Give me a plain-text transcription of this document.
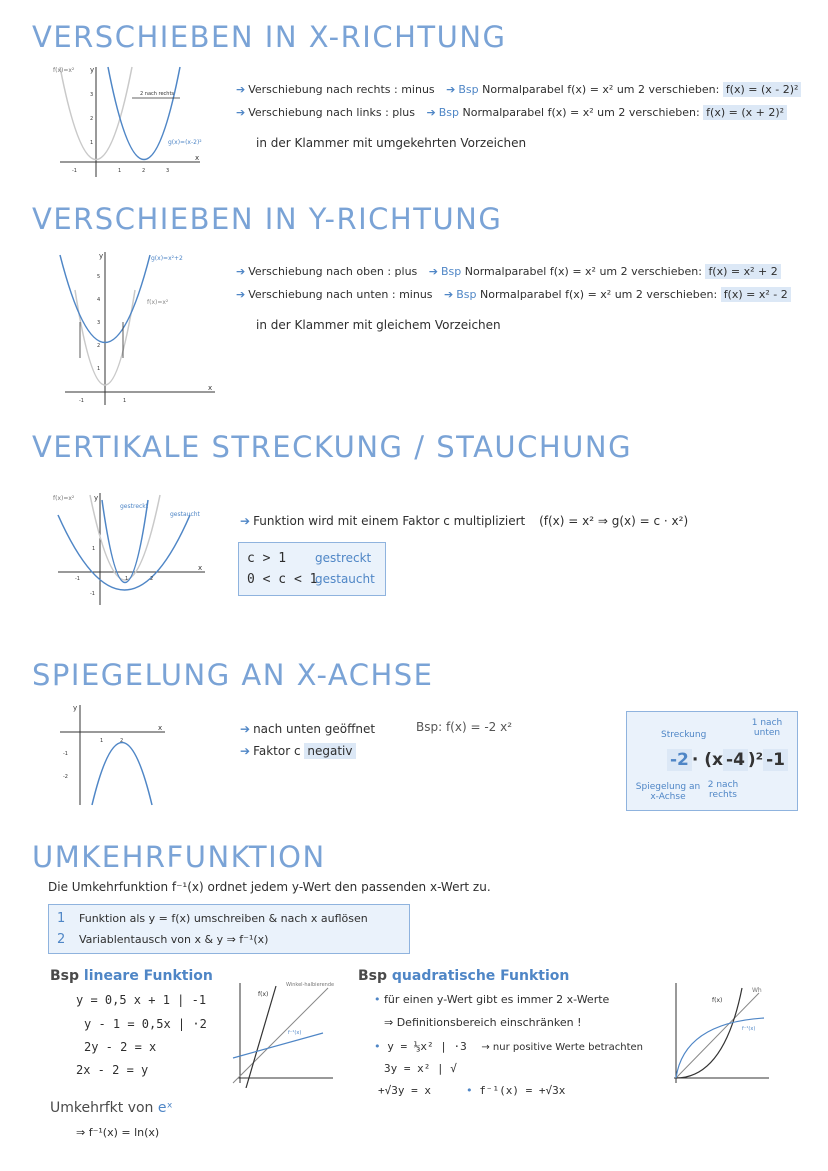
VERSCHIEBEN IN X-RICHTUNG
2 nach rechts
f(x)=x²
g(x)=(x-2)²
y
x
-1	1	2	3
1
2
3	➔ Verschiebung nach rechts : minus ➔ Bsp Normalparabel f(x) = x² um 2 verschieben: f(x) = (x - 2)²
➔ Verschiebung nach links : plus ➔ Bsp Normalparabel f(x) = x² um 2 verschieben: f(x) = (x + 2)²
in der Klammer mit umgekehrten Vorzeichen
VERSCHIEBEN IN Y-RICHTUNG
g(x)=x²+2
f(x)=x²
y
x
-1	1
1
2
3
4
5	➔ Verschiebung nach oben : plus ➔ Bsp Normalparabel f(x) = x² um 2 verschieben: f(x) = x² + 2
➔ Verschiebung nach unten : minus ➔ Bsp Normalparabel f(x) = x² um 2 verschieben: f(x) = x² - 2
in der Klammer mit gleichem Vorzeichen
VERTIKALE STRECKUNG / STAUCHUNG
f(x)=x²
gestreckt
gestaucht
y
x
-1	1	2
1
-1
➔ Funktion wird mit einem Faktor c multipliziert (f(x) = x² ⇒ g(x) = c · x²)
c > 1 gestreckt
0 < c < 1
gestaucht
SPIEGELUNG AN X-ACHSE
y
x
1	2
-1
-2
➔ nach unten geöffnet	Bsp: f(x) = -2 x²
➔ Faktor c negativ
Streckung
1 nach unten
-2 · (x -4 )² -1
Spiegelung an x-Achse
2 nach rechts
UMKEHRFUNKTION
Die Umkehrfunktion f⁻¹(x) ordnet jedem y-Wert den passenden x-Wert zu.
1 Funktion als y = f(x) umschreiben & nach x auflösen
2 Variablentausch von x & y ⇒ f⁻¹(x)
Bsp lineare Funktion
y = 0,5 x + 1 | -1
y - 1 = 0,5x | ·2
2y - 2 = x
2x - 2 = y
f(x)
Winkel-halbierende
f⁻¹(x)
Bsp quadratische Funktion
• für einen y-Wert gibt es immer 2 x-Werte
⇒ Definitionsbereich einschränken !
• y = ⅓x² | ·3 → nur positive Werte betrachten
3y = x² | √
+√3y = x	• f⁻¹(x) = +√3x
f(x)
Wh
f⁻¹(x)
Umkehrfkt von eˣ
⇒ f⁻¹(x) = ln(x)
